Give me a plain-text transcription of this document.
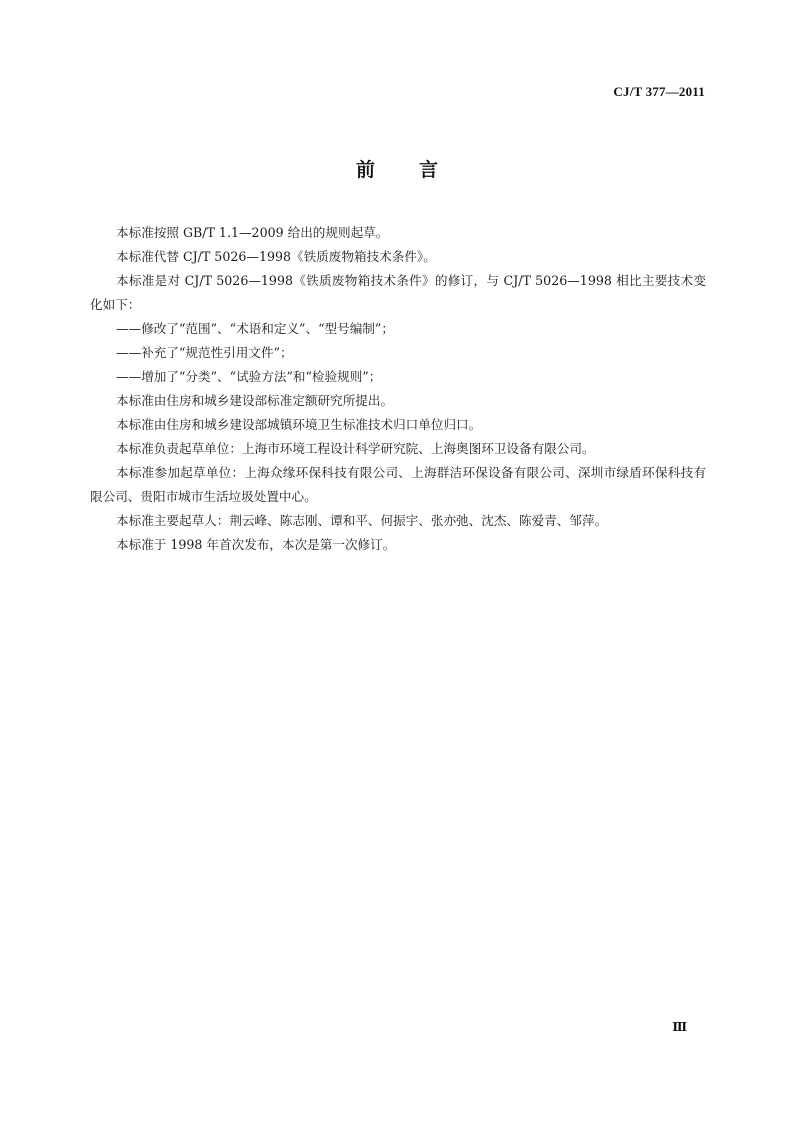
CJ/T 377—2011
前言

本标准按照 GB/T 1.1—2009 给出的规则起草。

本标准代替 CJ/T 5026—1998《铁质废物箱技术条件》。

本标准是对 CJ/T 5026—1998《铁质废物箱技术条件》的修订，与 CJ/T 5026—1998 相比主要技术变化如下：

——修改了“范围”、“术语和定义”、“型号编制”；

——补充了“规范性引用文件”；

——增加了“分类”、“试验方法”和“检验规则”；

本标准由住房和城乡建设部标准定额研究所提出。

本标准由住房和城乡建设部城镇环境卫生标准技术归口单位归口。

本标准负责起草单位：上海市环境工程设计科学研究院、上海奥图环卫设备有限公司。

本标准参加起草单位：上海众缘环保科技有限公司、上海群洁环保设备有限公司、深圳市绿盾环保科技有限公司、贵阳市城市生活垃圾处置中心。

本标准主要起草人：荆云峰、陈志刚、谭和平、何振宇、张亦弛、沈杰、陈爱青、邹萍。

本标准于 1998 年首次发布，本次是第一次修订。

Ⅲ
